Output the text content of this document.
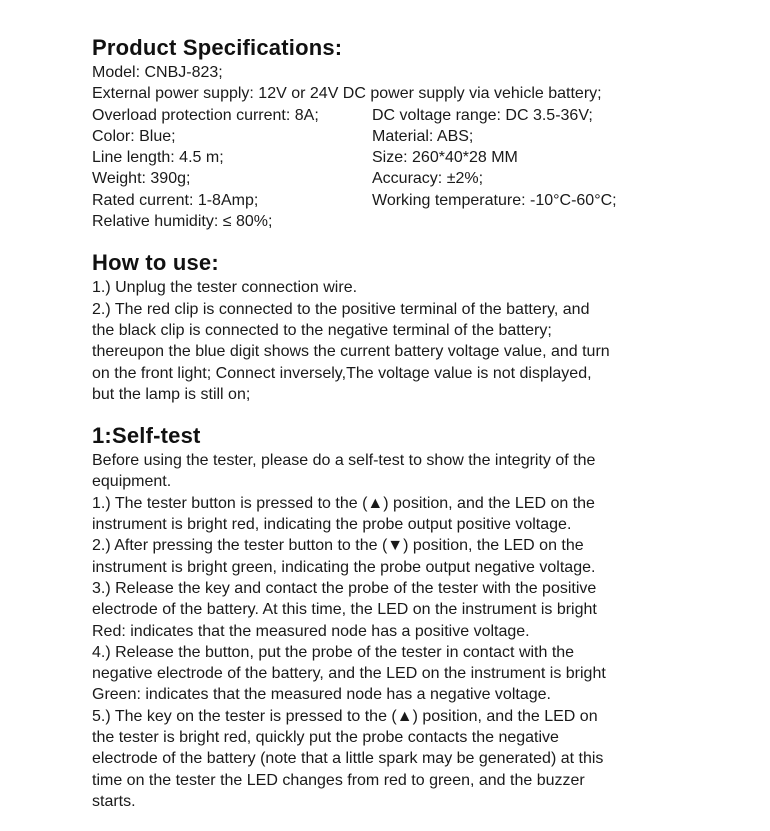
Product Specifications:
Model: CNBJ-823;
External power supply: 12V or 24V DC power supply via vehicle battery;
Overload protection current: 8A;	DC voltage range: DC 3.5-36V;
Color: Blue;	Material: ABS;
Line length: 4.5 m;	Size: 260*40*28 MM
Weight: 390g;	Accuracy: ±2%;
Rated current: 1-8Amp;	Working temperature: -10°C-60°C;
Relative humidity: ≤ 80%;
How to use:
1.) Unplug the tester connection wire.
2.) The red clip is connected to the positive terminal of the battery, and
the black clip is connected to the negative terminal of the battery;
thereupon the blue digit shows the current battery voltage value, and turn
on the front light; Connect inversely,The voltage value is not displayed,
but the lamp is still on;
1:Self-test
Before using the tester, please do a self-test to show the integrity of the
equipment.
1.) The tester button is pressed to the (▲) position, and the LED on the
instrument is bright red, indicating the probe output positive voltage.
2.) After pressing the tester button to the (▼) position, the LED on the
instrument is bright green, indicating the probe output negative voltage.
3.) Release the key and contact the probe of the tester with the positive
electrode of the battery. At this time, the LED on the instrument is bright
Red: indicates that the measured node has a positive voltage.
4.) Release the button, put the probe of the tester in contact with the
negative electrode of the battery, and the LED on the instrument is bright
Green: indicates that the measured node has a negative voltage.
5.) The key on the tester is pressed to the (▲) position, and the LED on
the tester is bright red, quickly put the probe contacts the negative
electrode of the battery (note that a little spark may be generated) at this
time on the tester the LED changes from red to green, and the buzzer
starts.
